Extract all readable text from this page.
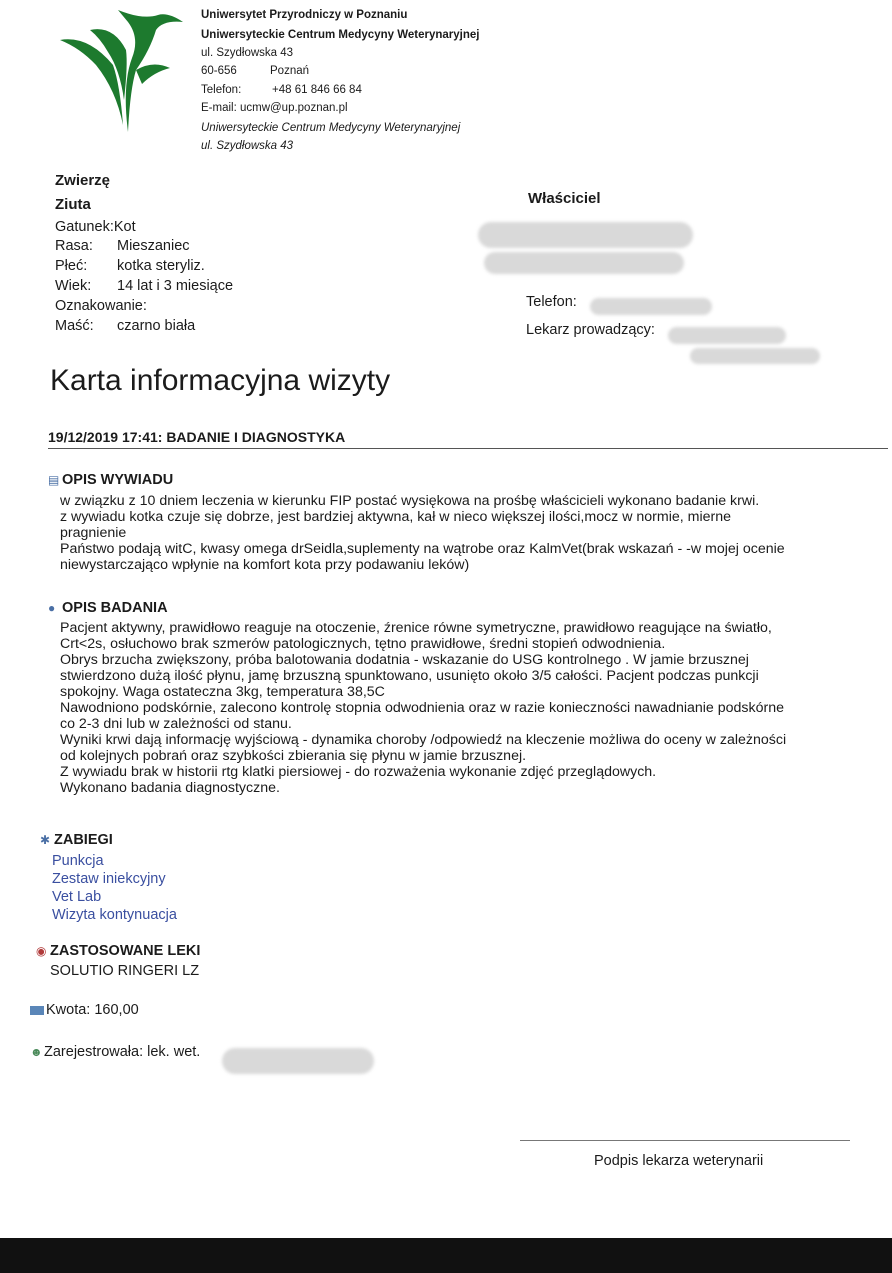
Uniwersytet Przyrodniczy w Poznaniu
Uniwersyteckie Centrum Medycyny Weterynaryjnej
ul. Szydłowska 43
60-656	Poznań
Telefon:	+48 61 846 66 84
E-mail: ucmw@up.poznan.pl
Uniwersyteckie Centrum Medycyny Weterynaryjnej
ul. Szydłowska 43
Zwierzę
Ziuta
Gatunek:Kot
Rasa: Mieszaniec
Płeć: kotka steryliz.
Wiek: 14 lat i 3 miesiące
Oznakowanie:
Maść: czarno biała
Właściciel
Telefon:
Lekarz prowadzący:
Karta informacyjna wizyty
19/12/2019 17:41: BADANIE I DIAGNOSTYKA
▤ OPIS WYWIADU
w związku z 10 dniem leczenia w kierunku FIP postać wysiękowa na prośbę właścicieli wykonano badanie krwi.
z wywiadu kotka czuje się dobrze, jest bardziej aktywna, kał w nieco większej ilości,mocz w normie, mierne
pragnienie
Państwo podają witC, kwasy omega drSeidla,suplementy na wątrobe oraz KalmVet(brak wskazań - -w mojej ocenie
niewystarczająco wpłynie na komfort kota przy podawaniu leków)
● OPIS BADANIA
Pacjent aktywny, prawidłowo reaguje na otoczenie, źrenice równe symetryczne, prawidłowo reagujące na światło,
Crt<2s, osłuchowo brak szmerów patologicznych, tętno prawidłowe, średni stopień odwodnienia.
Obrys brzucha zwiększony, próba balotowania dodatnia - wskazanie do USG kontrolnego . W jamie brzusznej
stwierdzono dużą ilość płynu, jamę brzuszną spunktowano, usunięto około 3/5 całości. Pacjent podczas punkcji
spokojny. Waga ostateczna 3kg, temperatura 38,5C
Nawodniono podskórnie, zalecono kontrolę stopnia odwodnienia oraz w razie konieczności nawadnianie podskórne
co 2-3 dni lub w zależności od stanu.
Wyniki krwi dają informację wyjściową - dynamika choroby /odpowiedź na kleczenie możliwa do oceny w zależności
od kolejnych pobrań oraz szybkości zbierania się płynu w jamie brzusznej.
Z wywiadu brak w historii rtg klatki piersiowej - do rozważenia wykonanie zdjęć przeglądowych.
Wykonano badania diagnostyczne.
✱ ZABIEGI
Punkcja
Zestaw iniekcyjny
Vet Lab
Wizyta kontynuacja
◉ ZASTOSOWANE LEKI
SOLUTIO RINGERI LZ
Kwota: 160,00
☻Zarejestrowała: lek. wet.
Podpis lekarza weterynarii
